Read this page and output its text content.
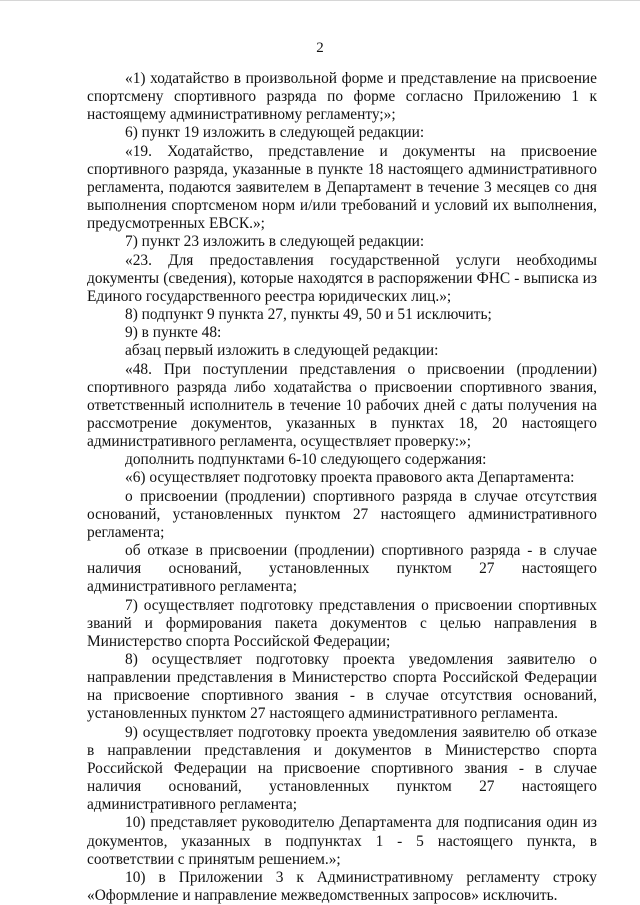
2

«1) ходатайство в произвольной форме и представление на присвоение спортсмену спортивного разряда по форме согласно Приложению 1 к настоящему административному регламенту;»;

6) пункт 19 изложить в следующей редакции:

«19. Ходатайство, представление и документы на присвоение спортивного разряда, указанные в пункте 18 настоящего административного регламента, подаются заявителем в Департамент в течение 3 месяцев со дня выполнения спортсменом норм и/или требований и условий их выполнения, предусмотренных ЕВСК.»;

7) пункт 23 изложить в следующей редакции:

«23. Для предоставления государственной услуги необходимы документы (сведения), которые находятся в распоряжении ФНС - выписка из Единого государственного реестра юридических лиц.»;

8) подпункт 9 пункта 27, пункты 49, 50 и 51 исключить;

9) в пункте 48:

абзац первый изложить в следующей редакции:

«48. При поступлении представления о присвоении (продлении) спортивного разряда либо ходатайства о присвоении спортивного звания, ответственный исполнитель в течение 10 рабочих дней с даты получения на рассмотрение документов, указанных в пунктах 18, 20 настоящего административного регламента, осуществляет проверку:»;

дополнить подпунктами 6-10 следующего содержания:

«6) осуществляет подготовку проекта правового акта Департамента:

о присвоении (продлении) спортивного разряда в случае отсутствия оснований, установленных пунктом 27 настоящего административного регламента;

об отказе в присвоении (продлении) спортивного разряда - в случае наличия оснований, установленных пунктом 27 настоящего административного регламента;

7) осуществляет подготовку представления о присвоении спортивных званий и формирования пакета документов с целью направления в Министерство спорта Российской Федерации;

8) осуществляет подготовку проекта уведомления заявителю о направлении представления в Министерство спорта Российской Федерации на присвоение спортивного звания - в случае отсутствия оснований, установленных пунктом 27 настоящего административного регламента.

9) осуществляет подготовку проекта уведомления заявителю об отказе в направлении представления и документов в Министерство спорта Российской Федерации на присвоение спортивного звания - в случае наличия оснований, установленных пунктом 27 настоящего административного регламента;

10) представляет руководителю Департамента для подписания один из документов, указанных в подпунктах 1 - 5 настоящего пункта, в соответствии с принятым решением.»;

10) в Приложении 3 к Административному регламенту строку «Оформление и направление межведомственных запросов» исключить.
